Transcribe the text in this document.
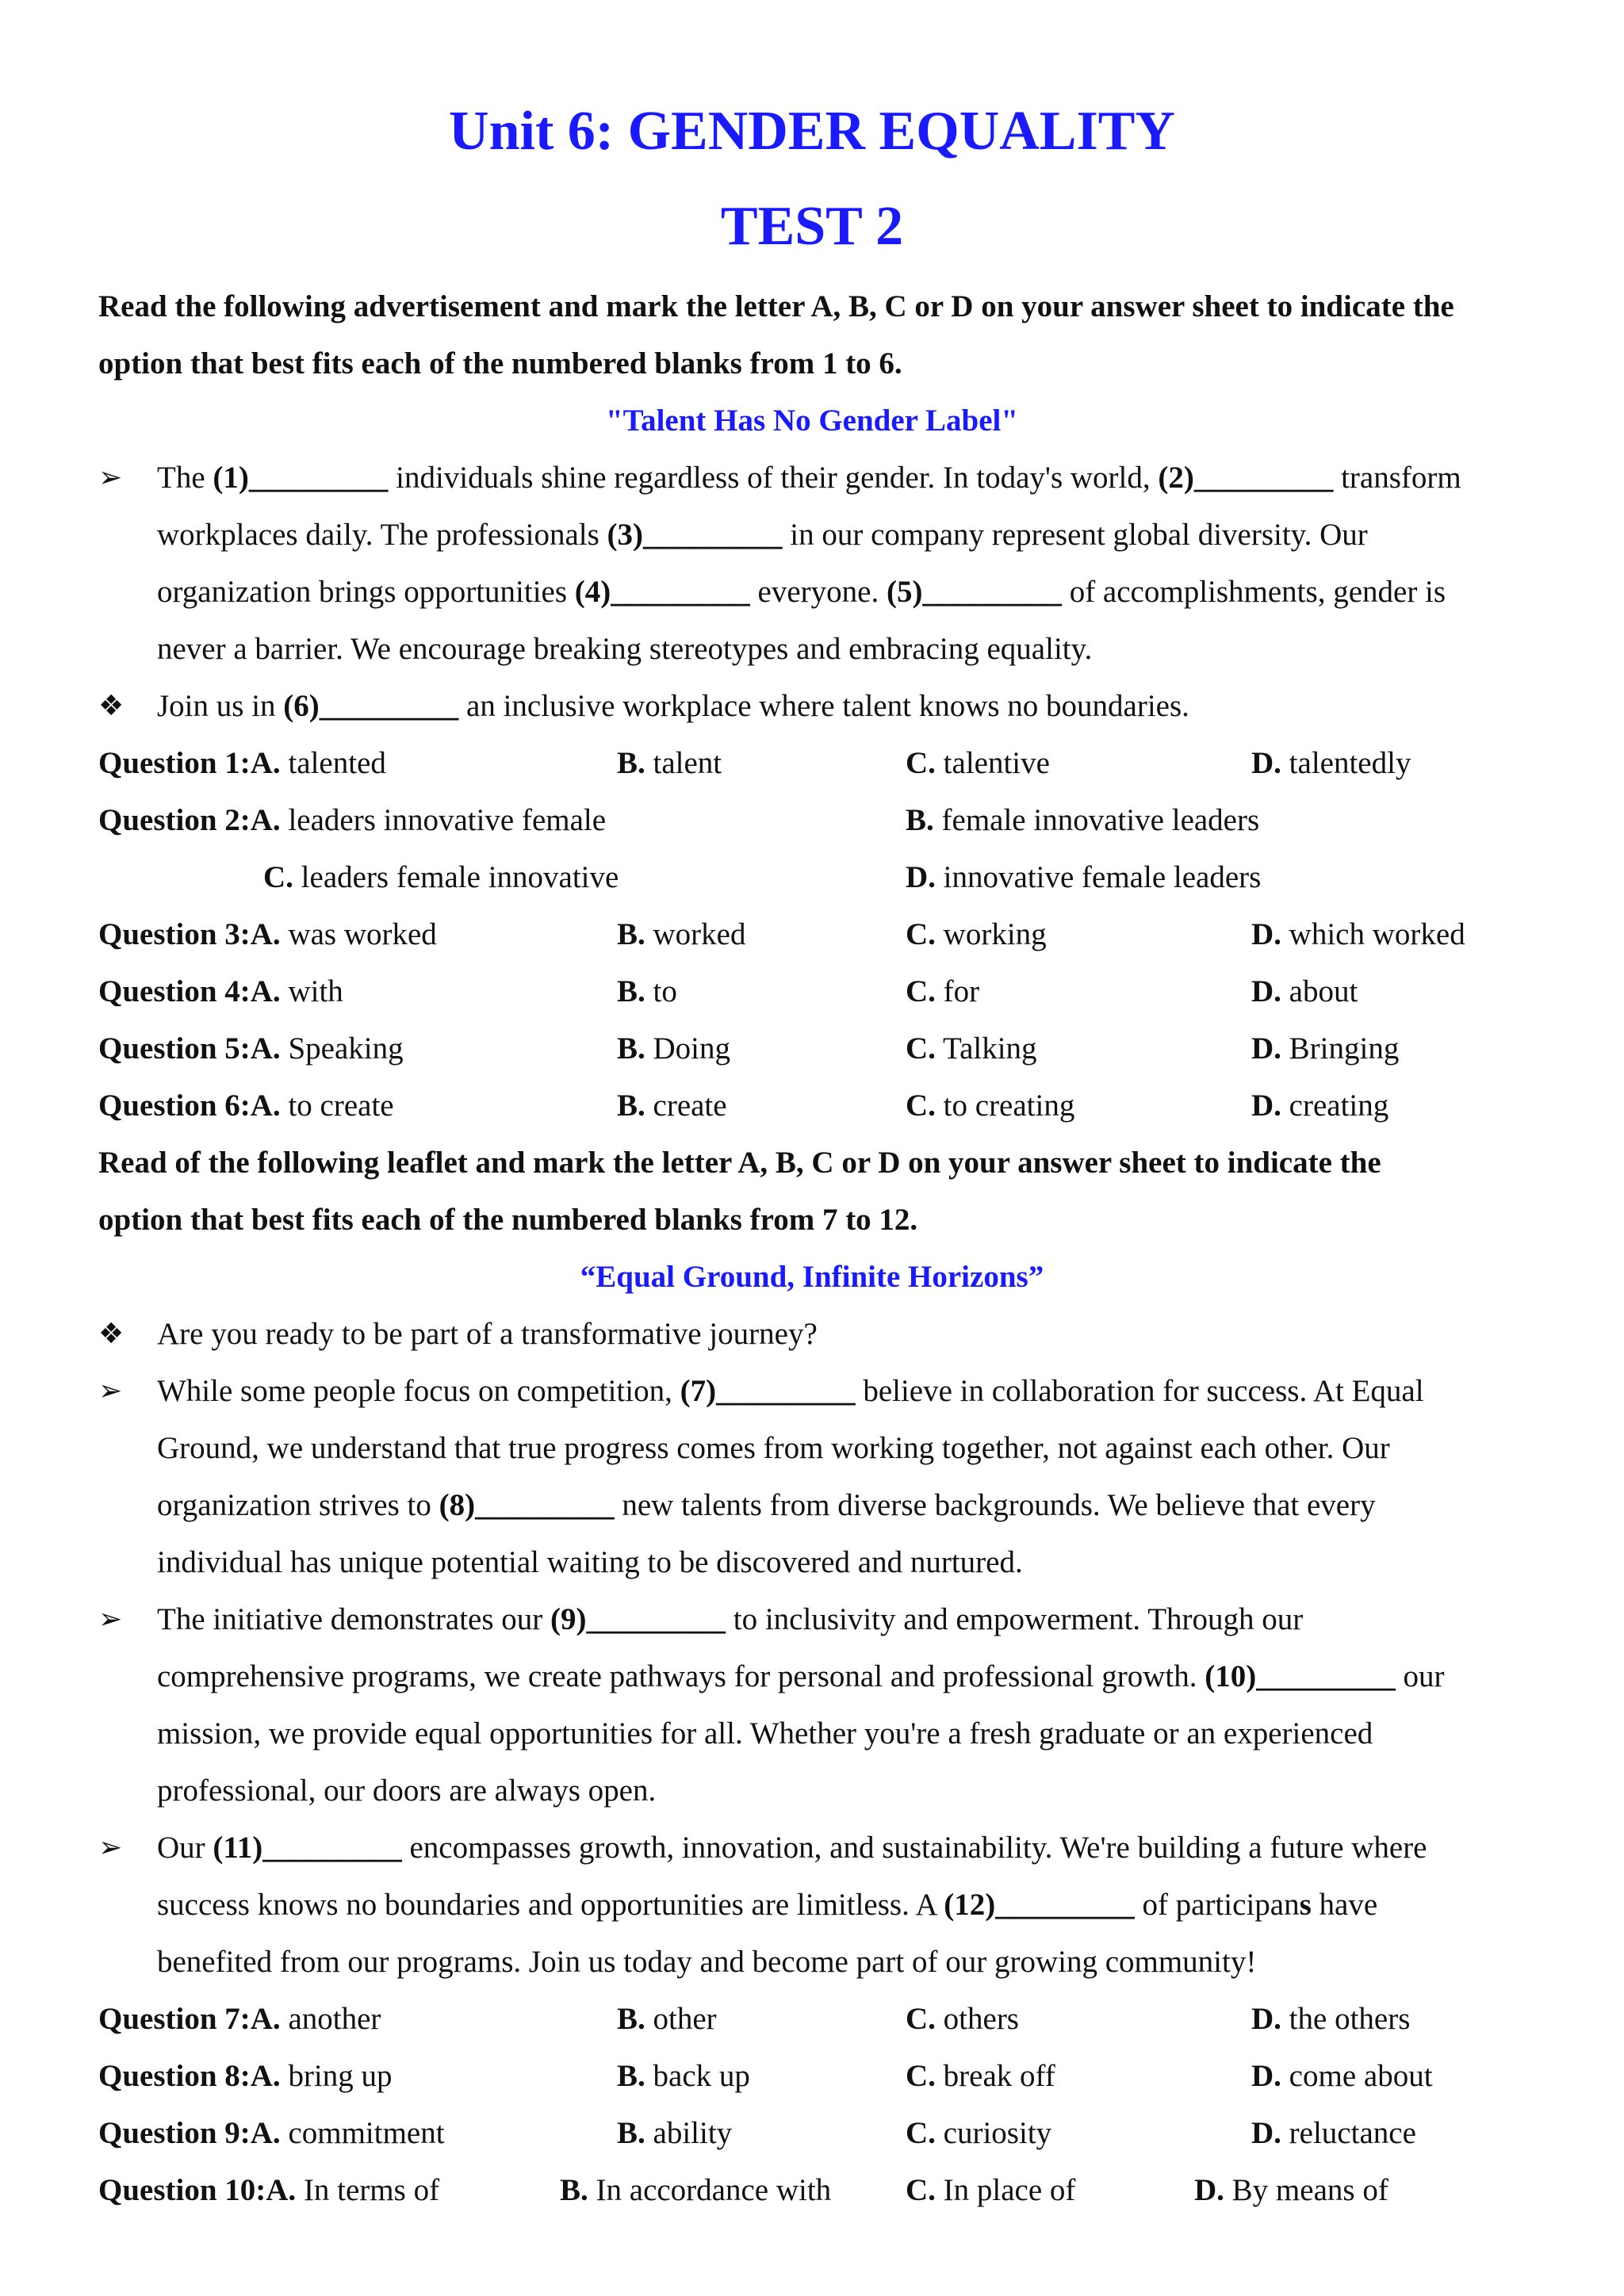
Unit 6: GENDER EQUALITY
TEST 2
Read the following advertisement and mark the letter A, B, C or D on your answer sheet to indicate the
option that best fits each of the numbered blanks from 1 to 6.
"Talent Has No Gender Label"
➢ The (1)_________ individuals shine regardless of their gender. In today's world, (2)_________ transform
workplaces daily. The professionals (3)_________ in our company represent global diversity. Our
organization brings opportunities (4)_________ everyone. (5)_________ of accomplishments, gender is
never a barrier. We encourage breaking stereotypes and embracing equality.
❖ Join us in (6)_________ an inclusive workplace where talent knows no boundaries.
Question 1:A. talented	B. talent	C. talentive	D. talentedly
Question 2:A. leaders innovative female	B. female innovative leaders
C. leaders female innovative	D. innovative female leaders
Question 3:A. was worked	B. worked	C. working	D. which worked
Question 4:A. with	B. to	C. for	D. about
Question 5:A. Speaking	B. Doing	C. Talking	D. Bringing
Question 6:A. to create	B. create	C. to creating	D. creating
Read of the following leaflet and mark the letter A, B, C or D on your answer sheet to indicate the
option that best fits each of the numbered blanks from 7 to 12.
“Equal Ground, Infinite Horizons”
❖ Are you ready to be part of a transformative journey?
➢ While some people focus on competition, (7)_________ believe in collaboration for success. At Equal
Ground, we understand that true progress comes from working together, not against each other. Our
organization strives to (8)_________ new talents from diverse backgrounds. We believe that every
individual has unique potential waiting to be discovered and nurtured.
➢ The initiative demonstrates our (9)_________ to inclusivity and empowerment. Through our
comprehensive programs, we create pathways for personal and professional growth. (10)_________ our
mission, we provide equal opportunities for all. Whether you're a fresh graduate or an experienced
professional, our doors are always open.
➢ Our (11)_________ encompasses growth, innovation, and sustainability. We're building a future where
success knows no boundaries and opportunities are limitless. A (12)_________ of participans have
benefited from our programs. Join us today and become part of our growing community!
Question 7:A. another	B. other	C. others	D. the others
Question 8:A. bring up	B. back up	C. break off	D. come about
Question 9:A. commitment	B. ability	C. curiosity	D. reluctance
Question 10:A. In terms of	B. In accordance with C. In place of	D. By means of
